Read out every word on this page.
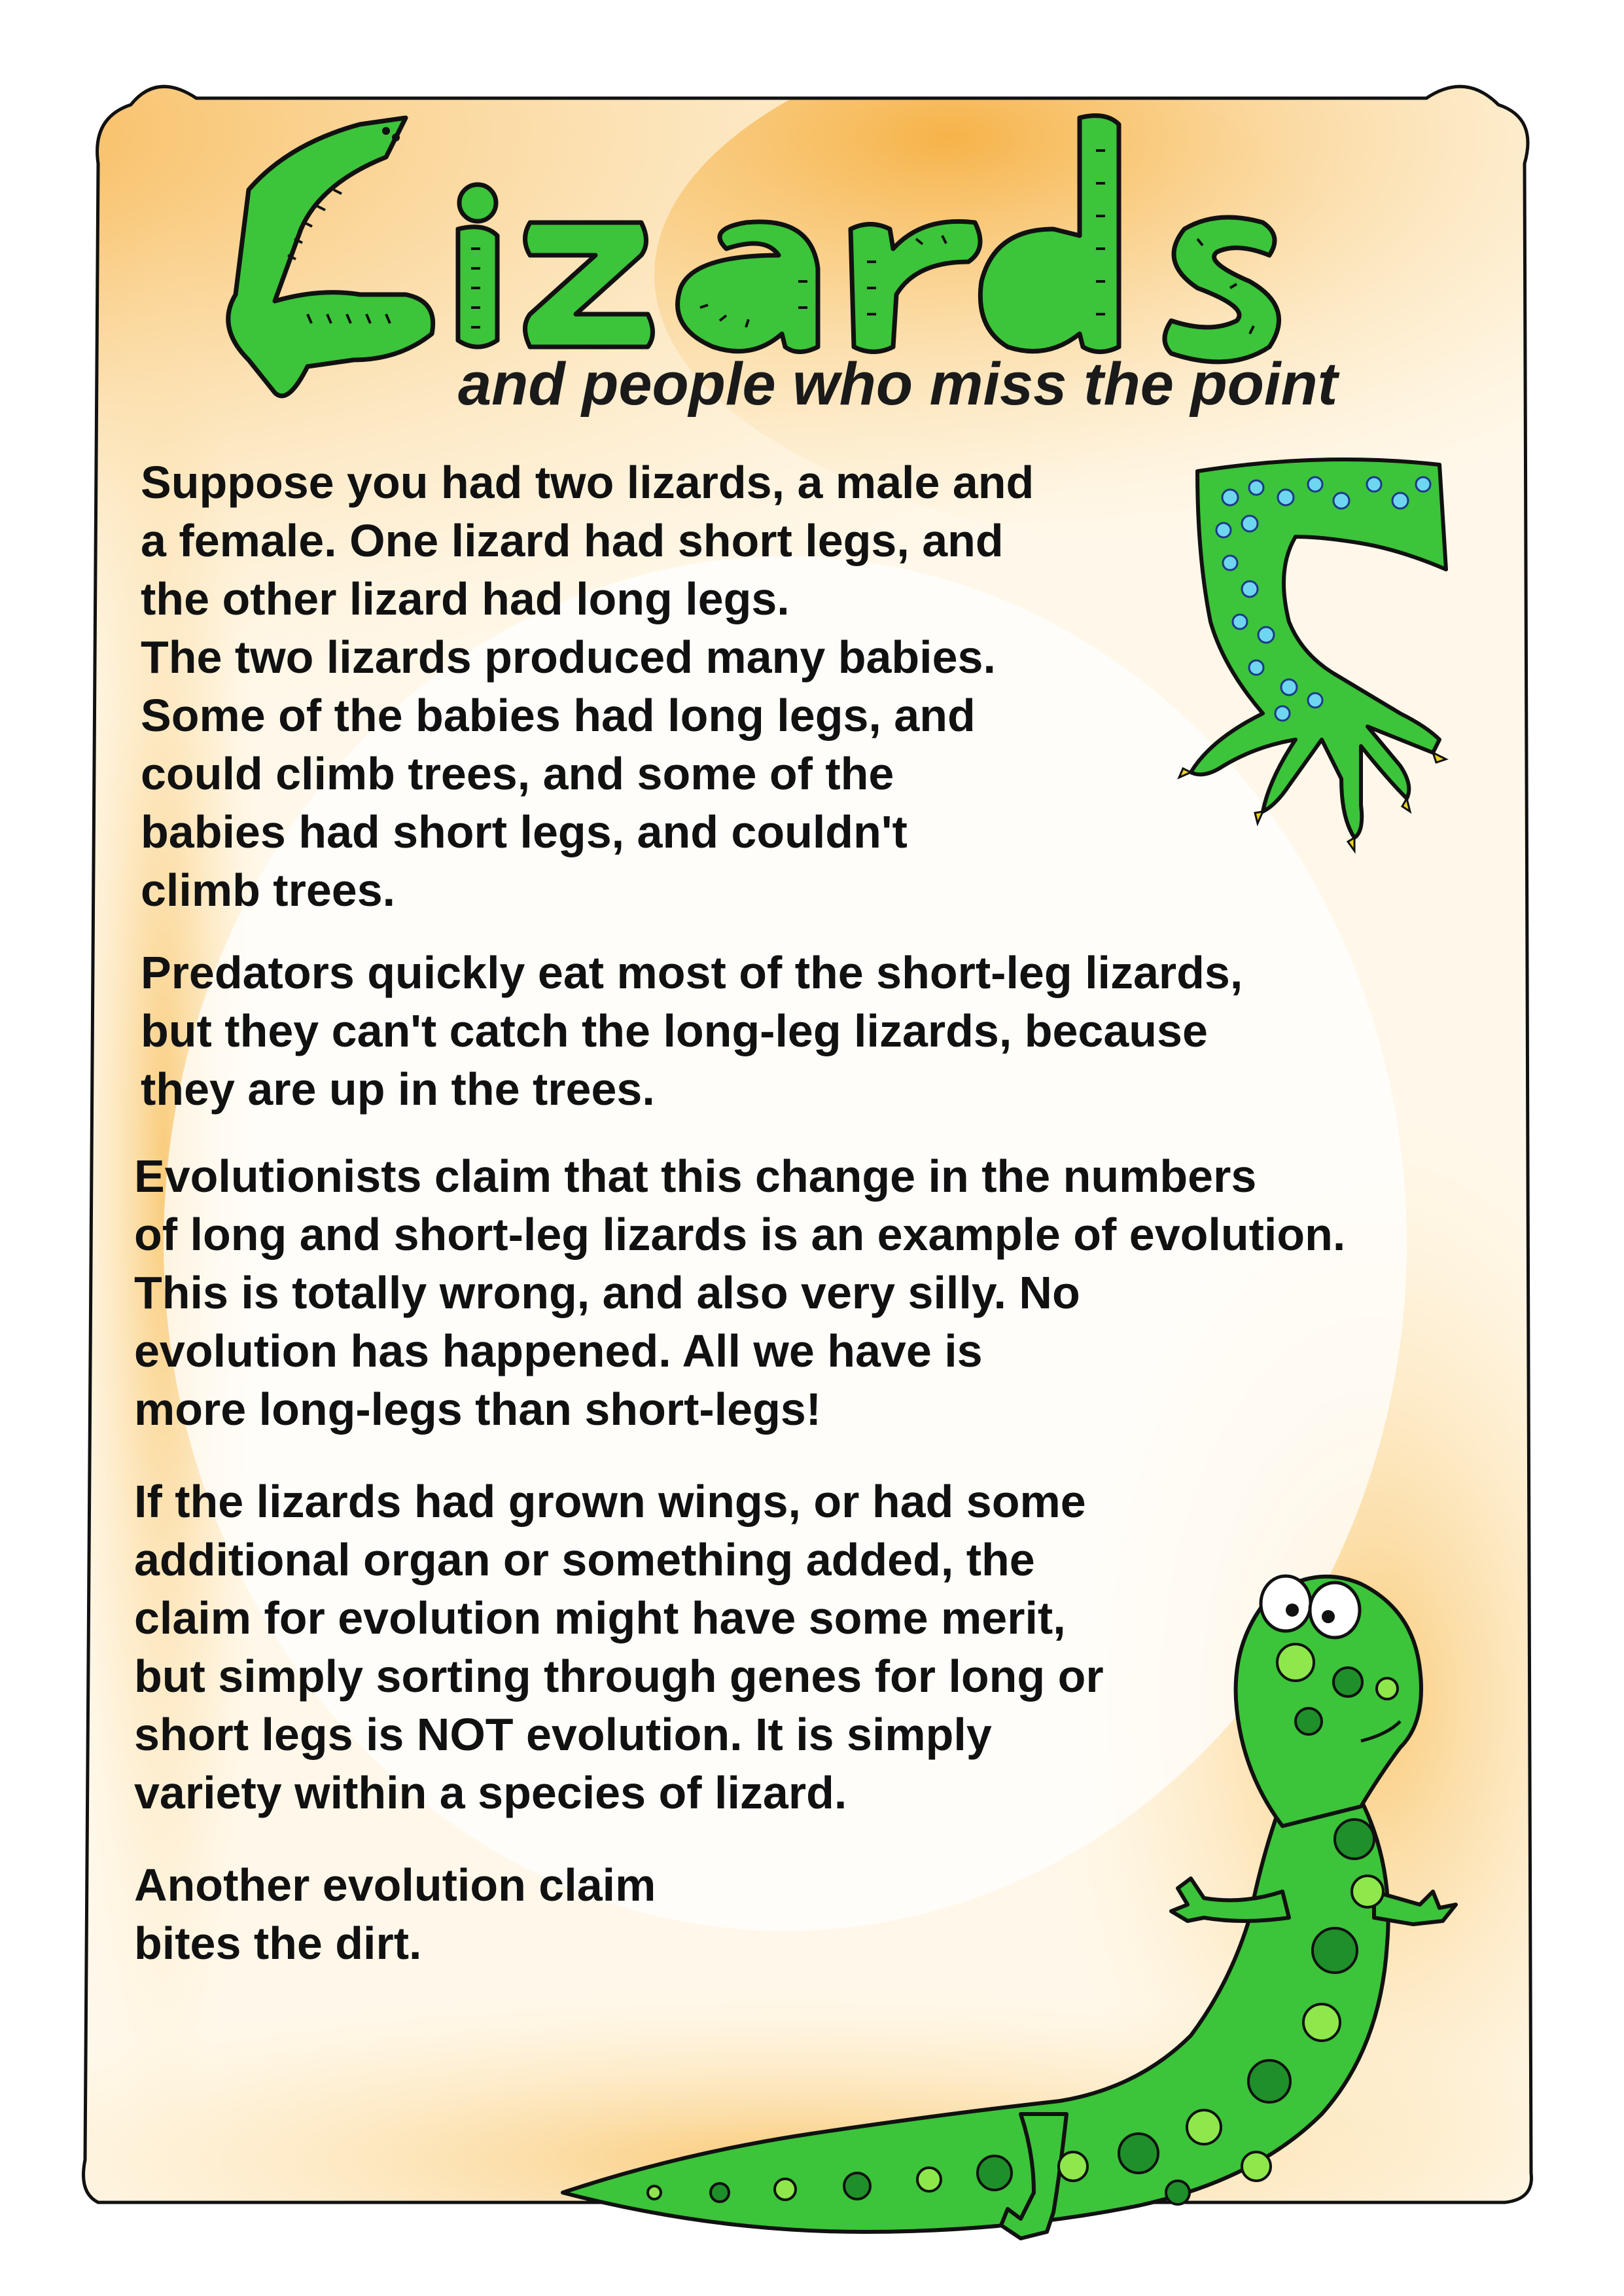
and people who miss the point

Suppose you had two lizards, a male and
a female. One lizard had short legs, and
the other lizard had long legs.
The two lizards produced many babies.
Some of the babies had long legs, and
could climb trees, and some of the
babies had short legs, and couldn't
climb trees.

Predators quickly eat most of the short-leg lizards,
but they can't catch the long-leg lizards, because
they are up in the trees.

Evolutionists claim that this change in the numbers
of long and short-leg lizards is an example of evolution.
This is totally wrong, and also very silly. No
evolution has happened. All we have is
more long-legs than short-legs!

If the lizards had grown wings, or had some
additional organ or something added, the
claim for evolution might have some merit,
but simply sorting through genes for long or
short legs is NOT evolution. It is simply
variety within a species of lizard.

Another evolution claim
bites the dirt.
